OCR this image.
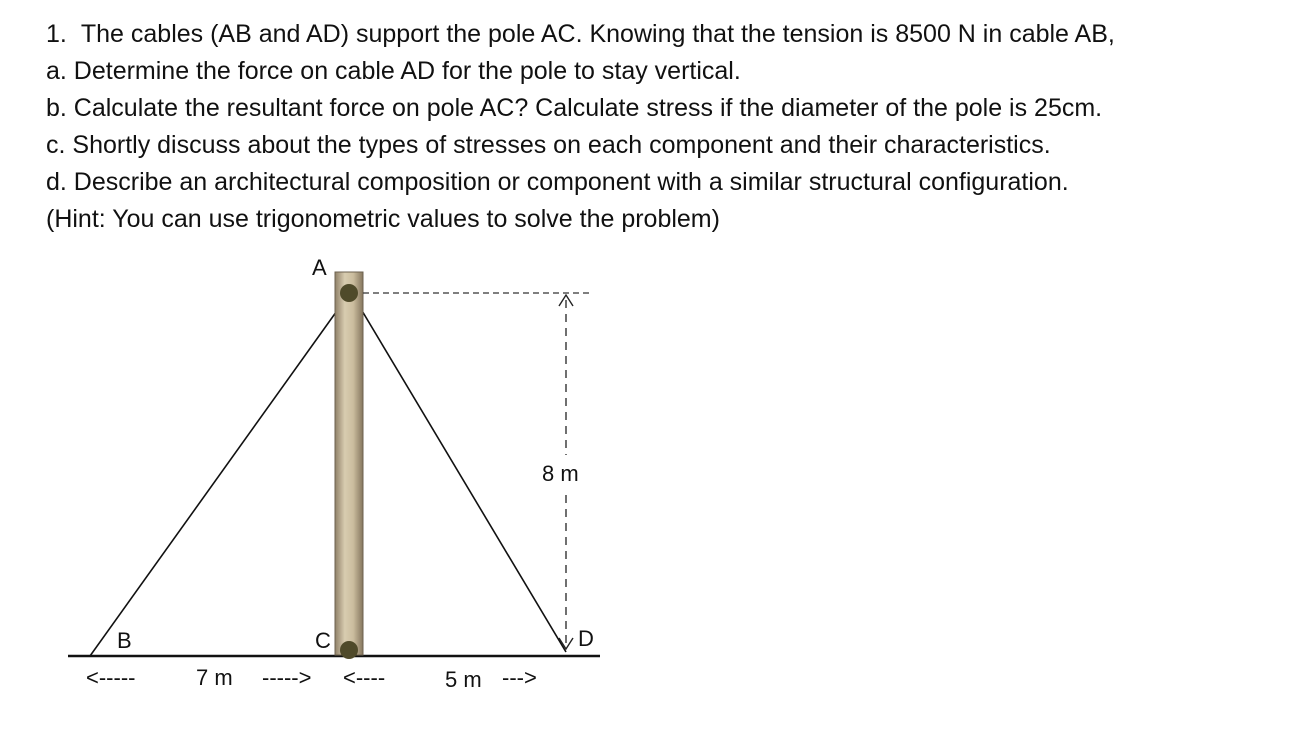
1. The cables (AB and AD) support the pole AC. Knowing that the tension is 8500 N in cable AB,
a. Determine the force on cable AD for the pole to stay vertical.
b. Calculate the resultant force on pole AC? Calculate stress if the diameter of the pole is 25cm.
c. Shortly discuss about the types of stresses on each component and their characteristics.
d. Describe an architectural composition or component with a similar structural configuration.
(Hint: You can use trigonometric values to solve the problem)
A
B	C	D
8 m
<-----	7 m -----> <----	5 m --->
